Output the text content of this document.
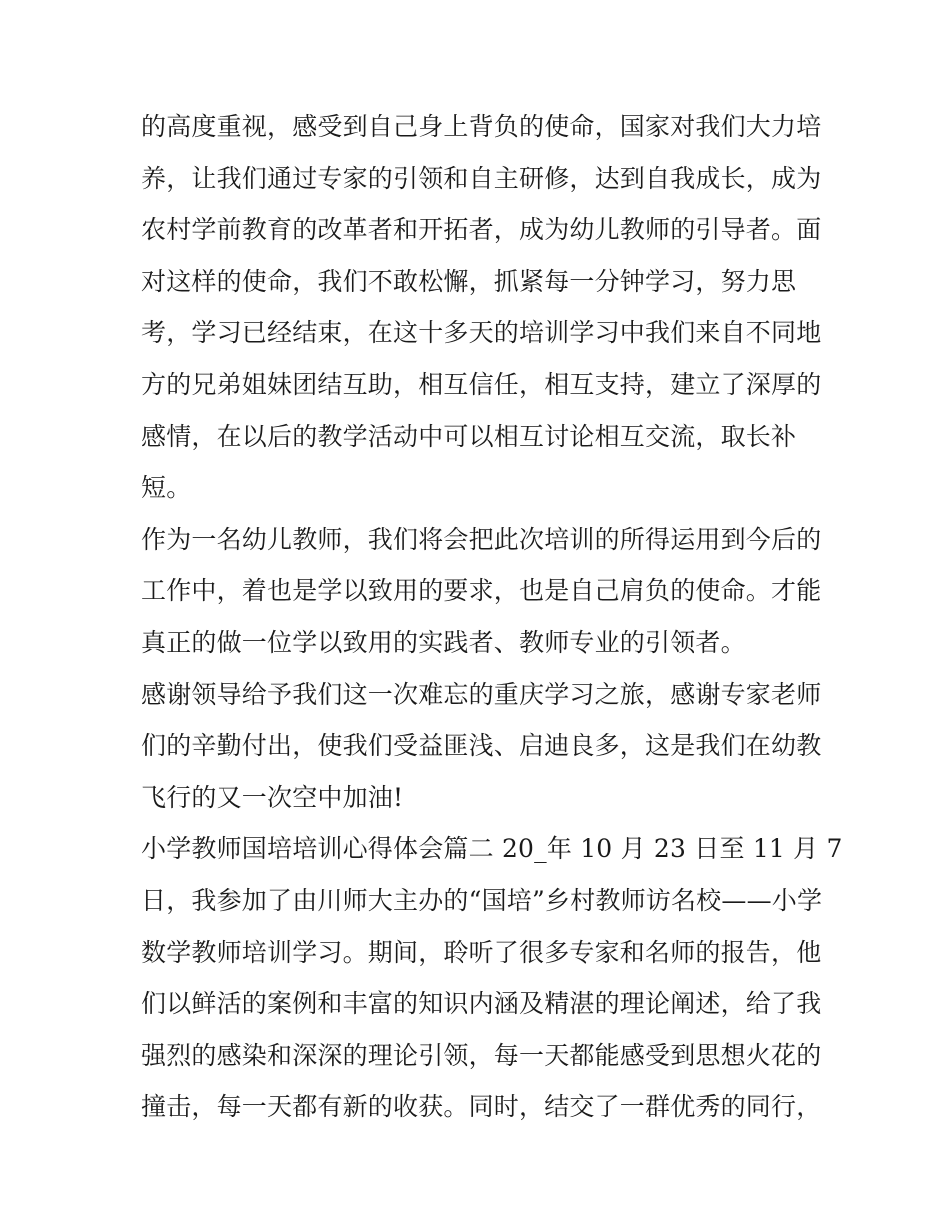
的高度重视，感受到自己身上背负的使命，国家对我们大力培
养，让我们通过专家的引领和自主研修，达到自我成长，成为
农村学前教育的改革者和开拓者，成为幼儿教师的引导者。面
对这样的使命，我们不敢松懈，抓紧每一分钟学习，努力思
考，学习已经结束，在这十多天的培训学习中我们来自不同地
方的兄弟姐妹团结互助，相互信任，相互支持，建立了深厚的
感情，在以后的教学活动中可以相互讨论相互交流，取长补
短。
作为一名幼儿教师，我们将会把此次培训的所得运用到今后的
工作中，着也是学以致用的要求，也是自己肩负的使命。才能
真正的做一位学以致用的实践者、教师专业的引领者。
感谢领导给予我们这一次难忘的重庆学习之旅，感谢专家老师
们的辛勤付出，使我们受益匪浅、启迪良多，这是我们在幼教
飞行的又一次空中加油!
小学教师国培培训心得体会篇二 20_年 10 月 23 日至 11 月 7
日，我参加了由川师大主办的“国培”乡村教师访名校——小学
数学教师培训学习。期间，聆听了很多专家和名师的报告，他
们以鲜活的案例和丰富的知识内涵及精湛的理论阐述，给了我
强烈的感染和深深的理论引领，每一天都能感受到思想火花的
撞击，每一天都有新的收获。同时，结交了一群优秀的同行，
